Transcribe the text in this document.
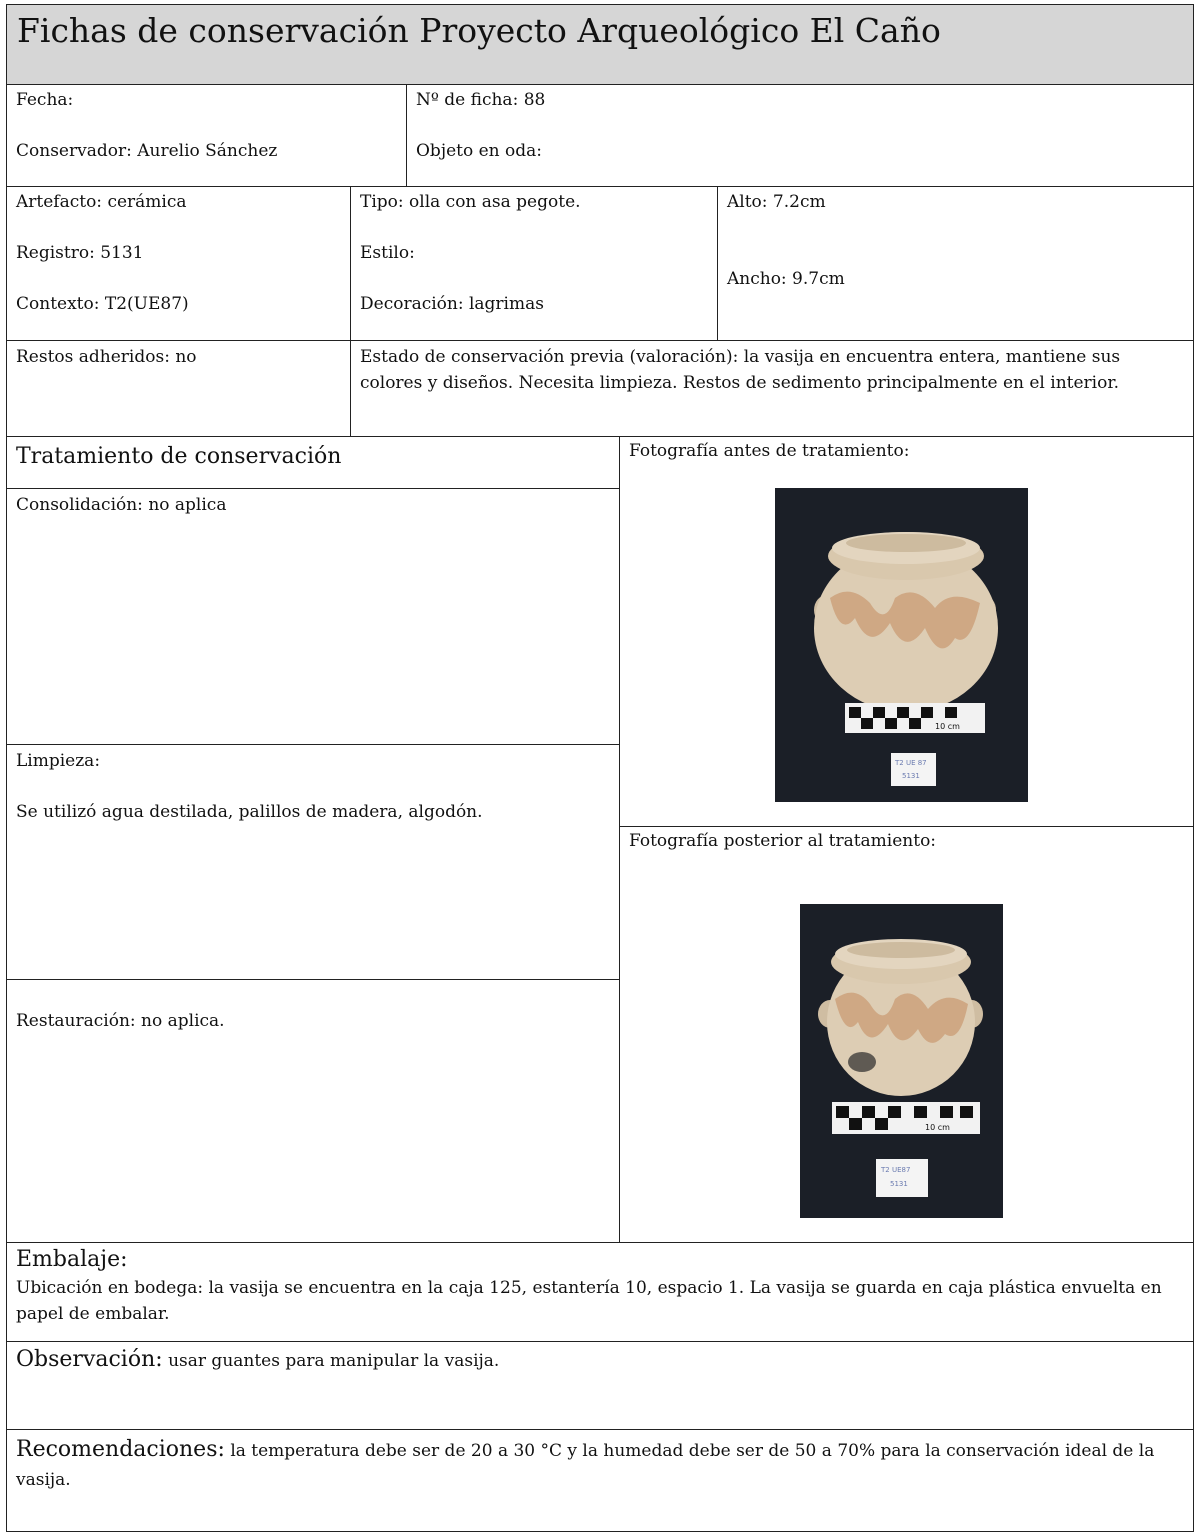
Fichas de conservación Proyecto Arqueológico El Caño
Fecha:
Conservador: Aurelio Sánchez
Nº de ficha: 88
Objeto en oda:
Artefacto: cerámica
Registro: 5131
Contexto: T2(UE87)
Tipo: olla con asa pegote.
Estilo:
Decoración: lagrimas
Alto: 7.2cm
Ancho: 9.7cm
Restos adheridos: no	Estado de conservación previa (valoración): la vasija en encuentra entera, mantiene sus colores y diseños. Necesita limpieza. Restos de sedimento principalmente en el interior.
Tratamiento de conservación
Consolidación: no aplica
Limpieza:
Se utilizó agua destilada, palillos de madera, algodón.
Restauración: no aplica.
Fotografía antes de tratamiento:
10 cm
T2 UE 87
5131
Fotografía posterior al tratamiento:
10 cm
T2 UE87
5131
Embalaje:
Ubicación en bodega: la vasija se encuentra en la caja 125, estantería 10, espacio 1. La vasija se guarda en caja plástica envuelta en papel de embalar.
Observación: usar guantes para manipular la vasija.
Recomendaciones: la temperatura debe ser de 20 a 30 °C y la humedad debe ser de 50 a 70% para la conservación ideal de la vasija.
